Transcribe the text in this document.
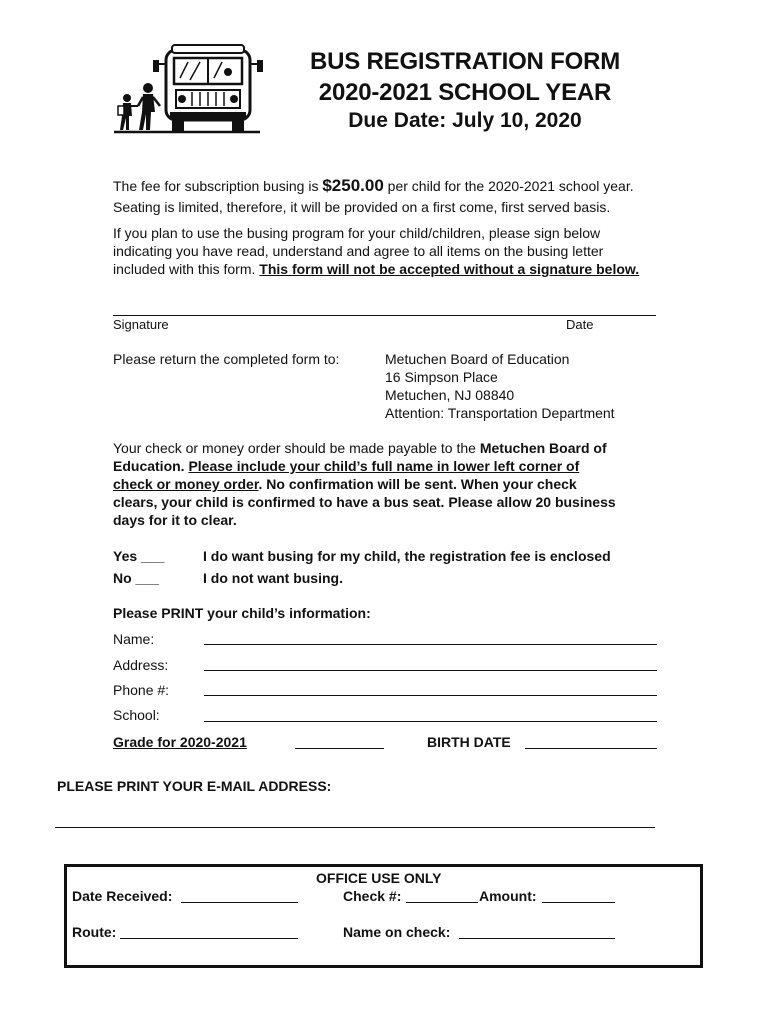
BUS REGISTRATION FORM
2020-2021 SCHOOL YEAR
Due Date: July 10, 2020
The fee for subscription busing is $250.00 per child for the 2020-2021 school year.
Seating is limited, therefore, it will be provided on a first come, first served basis.
If you plan to use the busing program for your child/children, please sign below
indicating you have read, understand and agree to all items on the busing letter
included with this form. This form will not be accepted without a signature below.
Signature	Date
Please return the completed form to:	Metuchen Board of Education
16 Simpson Place
Metuchen, NJ 08840
Attention: Transportation Department
Your check or money order should be made payable to the Metuchen Board of
Education. Please include your child’s full name in lower left corner of
check or money order. No confirmation will be sent. When your check
clears, your child is confirmed to have a bus seat. Please allow 20 business
days for it to clear.
Yes ___	I do want busing for my child, the registration fee is enclosed
No ___	I do not want busing.
Please PRINT your child’s information:
Name:
Address:
Phone #:
School:
Grade for 2020-2021	BIRTH DATE
PLEASE PRINT YOUR E-MAIL ADDRESS:
OFFICE USE ONLY
Date Received:	Check #:	Amount:
Route:	Name on check:
